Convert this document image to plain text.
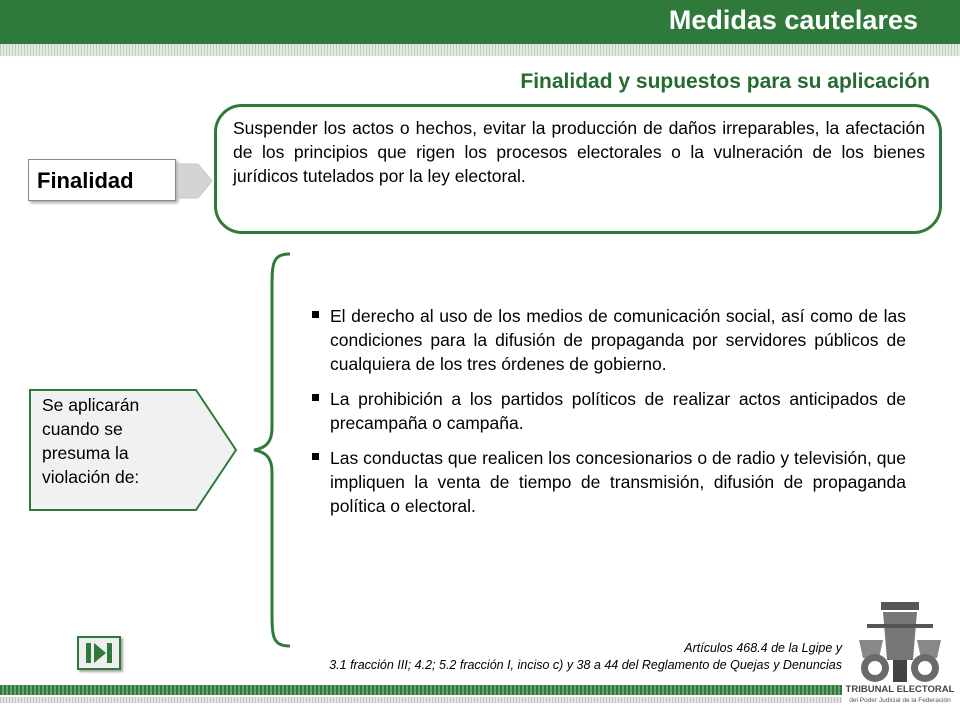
Medidas cautelares
Finalidad y supuestos para su aplicación
Finalidad
Suspender los actos o hechos, evitar la producción de daños irreparables, la afectación de los principios que rigen los procesos electorales o la vulneración de los bienes jurídicos tutelados por la ley electoral.
Se aplicarán cuando se presuma la violación de:
El derecho al uso de los medios de comunicación social, así como de las condiciones para la difusión de propaganda por servidores públicos de cualquiera de los tres órdenes de gobierno.
La prohibición a los partidos políticos de realizar actos anticipados de precampaña o campaña.
Las conductas que realicen los concesionarios o de radio y televisión, que impliquen la venta de tiempo de transmisión, difusión de propaganda política o electoral.
Artículos 468.4 de la Lgipe y
3.1 fracción III; 4.2; 5.2 fracción I, inciso c) y 38 a 44 del Reglamento de Quejas y Denuncias
TRIBUNAL ELECTORAL
del Poder Judicial de la Federación
